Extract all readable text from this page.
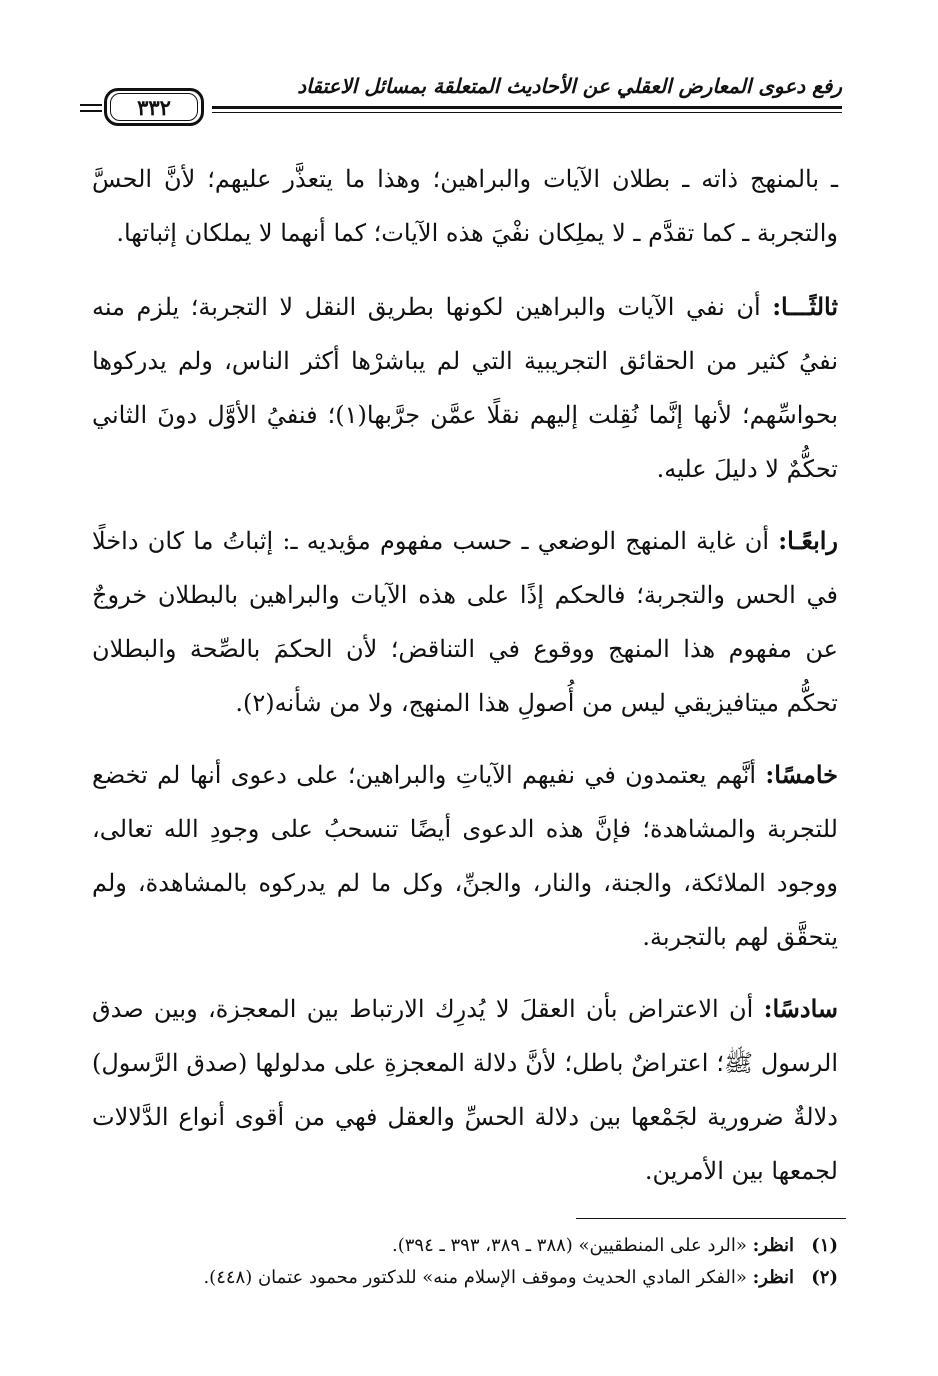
رفع دعوى المعارض العقلي عن الأحاديث المتعلقة بمسائل الاعتقاد
٣٣٢

ـ بالمنهج ذاته ـ بطلان الآيات والبراهين؛ وهذا ما يتعذَّر عليهم؛ لأنَّ الحسَّ والتجربة ـ كما تقدَّم ـ لا يملِكان نفْيَ هذه الآيات؛ كما أنهما لا يملكان إثباتها.

ثالثًـــا: أن نفي الآيات والبراهين لكونها بطريق النقل لا التجربة؛ يلزم منه نفيُ كثير من الحقائق التجريبية التي لم يباشرْها أكثر الناس، ولم يدركوها بحواسِّهم؛ لأنها إنَّما نُقِلت إليهم نقلًا عمَّن جرَّبها(١)؛ فنفيُ الأوَّل دونَ الثاني تحكُّمٌ لا دليلَ عليه.

رابعًـا: أن غاية المنهج الوضعي ـ حسب مفهوم مؤيديه ـ: إثباتُ ما كان داخلًا في الحس والتجربة؛ فالحكم إذًا على هذه الآيات والبراهين بالبطلان خروجٌ عن مفهوم هذا المنهج ووقوع في التناقض؛ لأن الحكمَ بالصِّحة والبطلان تحكُّم ميتافيزيقي ليس من أُصولِ هذا المنهج، ولا من شأنه(٢).

خامسًا: أنَّهم يعتمدون في نفيهم الآياتِ والبراهين؛ على دعوى أنها لم تخضع للتجربة والمشاهدة؛ فإنَّ هذه الدعوى أيضًا تنسحبُ على وجودِ الله تعالى، ووجود الملائكة، والجنة، والنار، والجنِّ، وكل ما لم يدركوه بالمشاهدة، ولم يتحقَّق لهم بالتجربة.

سادسًا: أن الاعتراض بأن العقلَ لا يُدرِك الارتباط بين المعجزة، وبين صدق الرسول ﷺ؛ اعتراضٌ باطل؛ لأنَّ دلالة المعجزةِ على مدلولها (صدق الرَّسول) دلالةٌ ضرورية لجَمْعها بين دلالة الحسِّ والعقل فهي من أقوى أنواع الدَّلالات لجمعها بين الأمرين.

(١)
انظر: «الرد على المنطقيين» (٣٨٨ ـ ٣٨٩، ٣٩٣ ـ ٣٩٤).
(٢)
انظر: «الفكر المادي الحديث وموقف الإسلام منه» للدكتور محمود عتمان (٤٤٨).
